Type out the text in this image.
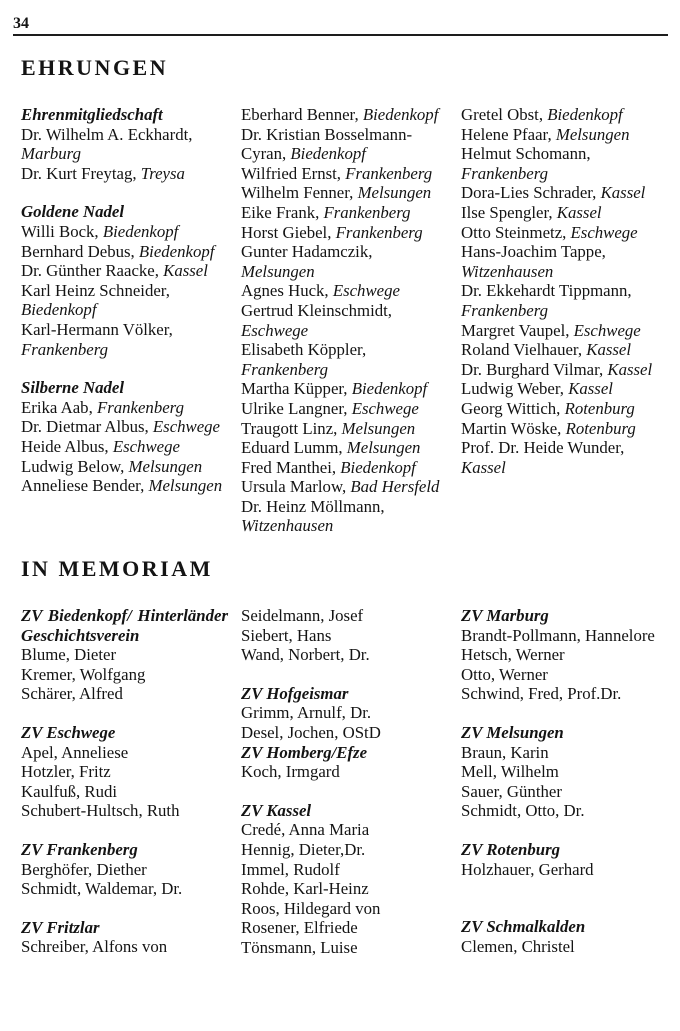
34
EHRUNGEN

Ehrenmitgliedschaft

Dr. Wilhelm A. Eckhardt, Marburg

Dr. Kurt Freytag, Treysa

Goldene Nadel

Willi Bock, Biedenkopf

Bernhard Debus, Biedenkopf

Dr. Günther Raacke, Kassel

Karl Heinz Schneider, Biedenkopf

Karl-Hermann Völker, Frankenberg

Silberne Nadel

Erika Aab, Frankenberg

Dr. Dietmar Albus, Eschwege

Heide Albus, Eschwege

Ludwig Below, Melsungen

Anneliese Bender, Melsungen

Eberhard Benner, Biedenkopf

Dr. Kristian Bosselmann-Cyran, Biedenkopf

Wilfried Ernst, Frankenberg

Wilhelm Fenner, Melsungen

Eike Frank, Frankenberg

Horst Giebel, Frankenberg

Gunter Hadamczik, Melsungen

Agnes Huck, Eschwege

Gertrud Kleinschmidt, Eschwege

Elisabeth Köppler, Frankenberg

Martha Küpper, Biedenkopf

Ulrike Langner, Eschwege

Traugott Linz, Melsungen

Eduard Lumm, Melsungen

Fred Manthei, Biedenkopf

Ursula Marlow, Bad Hersfeld

Dr. Heinz Möllmann, Witzenhausen

Gretel Obst, Biedenkopf

Helene Pfaar, Melsungen

Helmut Schomann, Frankenberg

Dora-Lies Schrader, Kassel

Ilse Spengler, Kassel

Otto Steinmetz, Eschwege

Hans-Joachim Tappe, Witzenhausen

Dr. Ekkehardt Tippmann, Frankenberg

Margret Vaupel, Eschwege

Roland Vielhauer, Kassel

Dr. Burghard Vilmar, Kassel

Ludwig Weber, Kassel

Georg Wittich, Rotenburg

Martin Wöske, Rotenburg

Prof. Dr. Heide Wunder, Kassel

IN MEMORIAM

ZV Biedenkopf/ Hinterländer Geschichtsverein

Blume, Dieter

Kremer, Wolfgang

Schärer, Alfred

ZV Eschwege

Apel, Anneliese

Hotzler, Fritz

Kaulfuß, Rudi

Schubert-Hultsch, Ruth

ZV Frankenberg

Berghöfer, Diether

Schmidt, Waldemar, Dr.

ZV Fritzlar

Schreiber, Alfons von

Seidelmann, Josef

Siebert, Hans

Wand, Norbert, Dr.

ZV Hofgeismar

Grimm, Arnulf, Dr.

Desel, Jochen, OStD

ZV Homberg/Efze

Koch, Irmgard

ZV Kassel

Credé, Anna Maria

Hennig, Dieter,Dr.

Immel, Rudolf

Rohde, Karl-Heinz

Roos, Hildegard von

Rosener, Elfriede

Tönsmann, Luise

ZV Marburg

Brandt-Pollmann, Hannelore

Hetsch, Werner

Otto, Werner

Schwind, Fred, Prof.Dr.

ZV Melsungen

Braun, Karin

Mell, Wilhelm

Sauer, Günther

Schmidt, Otto, Dr.

ZV Rotenburg

Holzhauer, Gerhard

ZV Schmalkalden

Clemen, Christel
